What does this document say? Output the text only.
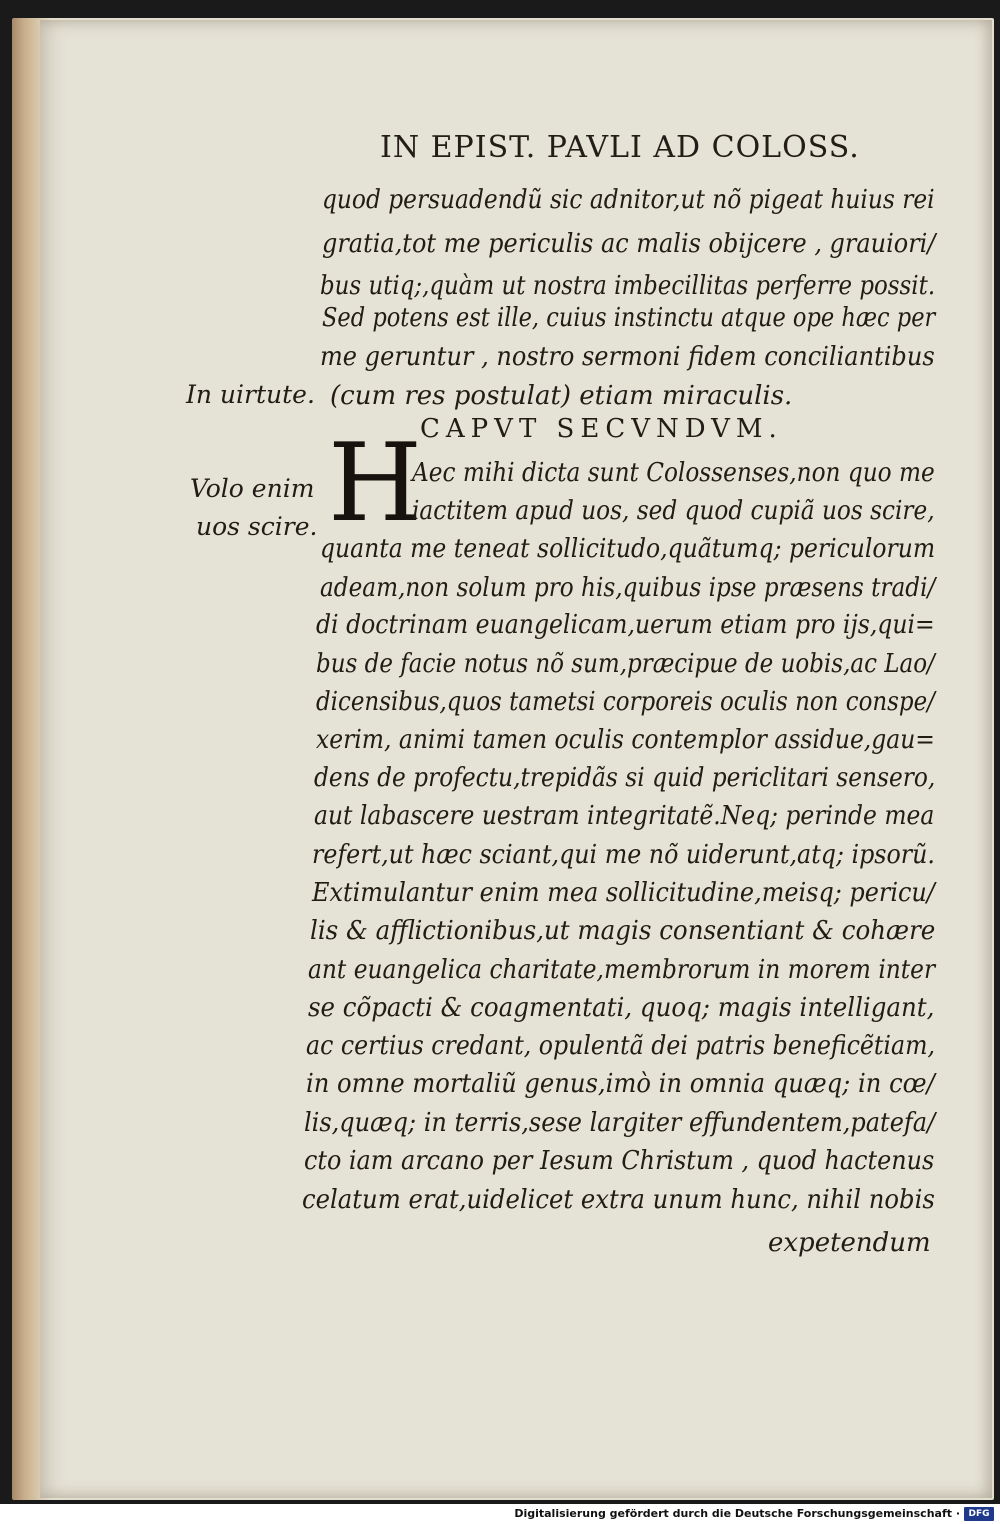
IN EPIST. PAVLI AD COLOSS.
quod persuadendũ sic adnitor,ut nõ pigeat huius rei
gratia,tot me periculis ac malis obijcere , grauiori/
bus utiq;,quàm ut nostra imbecillitas perferre possit.
Sed potens est ille, cuius instinctu atque ope hæc per
me geruntur , nostro sermoni fidem conciliantibus
(cum res postulat) etiam miraculis.
In uirtute.
Volo enim
uos scire.
CAPVT SECVNDVM.
H
Aec mihi dicta sunt Colossenses,non quo me
iactitem apud uos, sed quod cupiã uos scire,
quanta me teneat sollicitudo,quãtumq; periculorum
adeam,non solum pro his,quibus ipse præsens tradi/
di doctrinam euangelicam,uerum etiam pro ijs,qui=
bus de facie notus nõ sum,præcipue de uobis,ac Lao/
dicensibus,quos tametsi corporeis oculis non conspe/
xerim, animi tamen oculis contemplor assidue,gau=
dens de profectu,trepidãs si quid periclitari sensero,
aut labascere uestram integritatẽ.Neq; perinde mea
refert,ut hæc sciant,qui me nõ uiderunt,atq; ipsorũ.
Extimulantur enim mea sollicitudine,meisq; pericu/
lis & afflictionibus,ut magis consentiant & cohære
ant euangelica charitate,membrorum in morem inter
se cõpacti & coagmentati, quoq; magis intelligant,
ac certius credant, opulentã dei patris beneficẽtiam,
in omne mortaliũ genus,imò in omnia quæq; in cœ/
lis,quæq; in terris,sese largiter effundentem,patefa/
cto iam arcano per Iesum Christum , quod hactenus
celatum erat,uidelicet extra unum hunc, nihil nobis
expetendum
Digitalisierung gefördert durch die Deutsche Forschungsgemeinschaft · DFG
